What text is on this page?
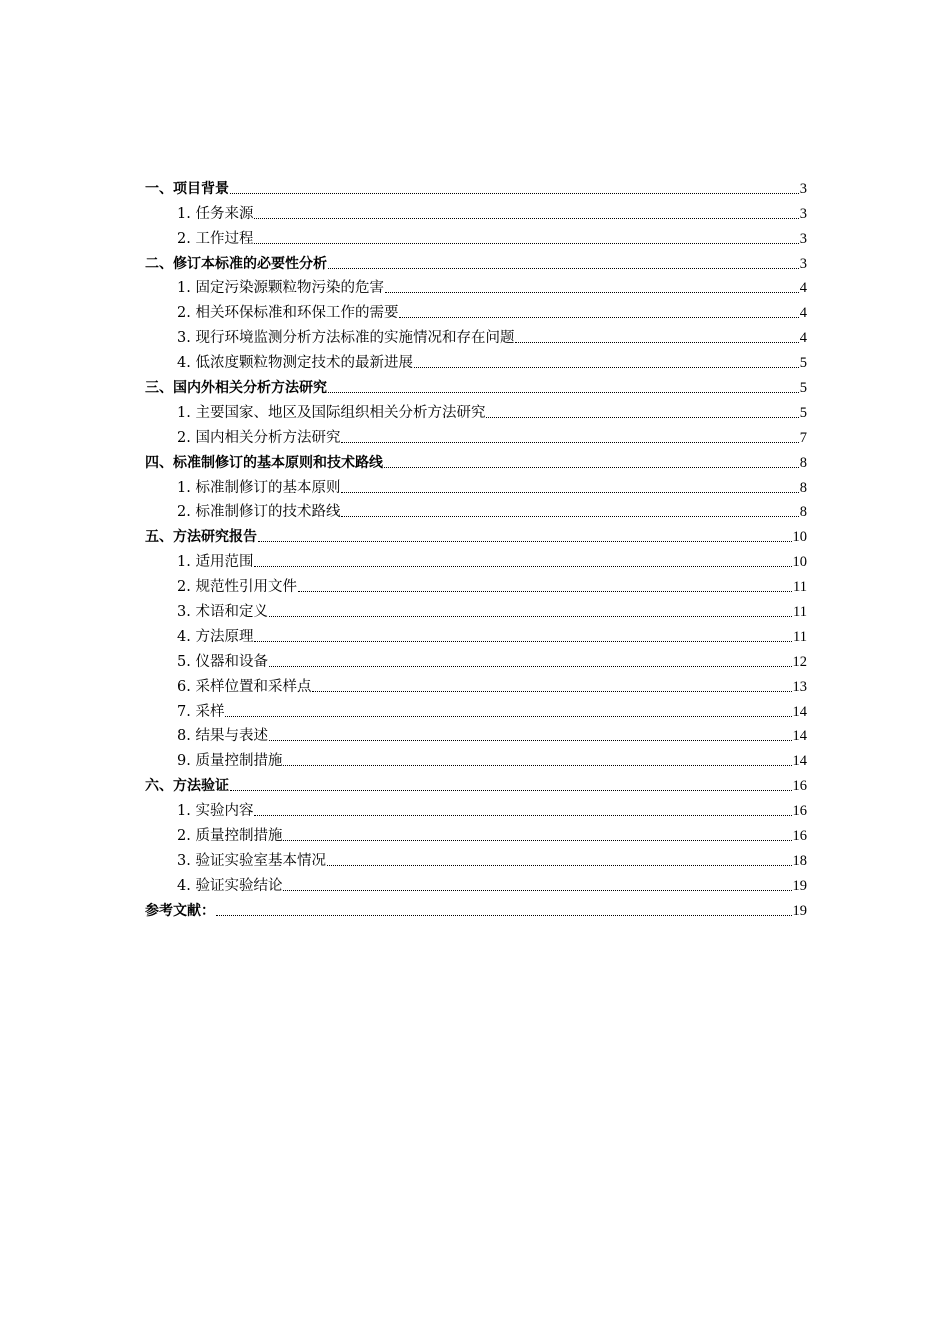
一、项目背景	3
1. 任务来源	3
2. 工作过程	3
二、修订本标准的必要性分析	3
1. 固定污染源颗粒物污染的危害	4
2. 相关环保标准和环保工作的需要	4
3. 现行环境监测分析方法标准的实施情况和存在问题	4
4. 低浓度颗粒物测定技术的最新进展	5
三、国内外相关分析方法研究	5
1. 主要国家、地区及国际组织相关分析方法研究	5
2. 国内相关分析方法研究	7
四、标准制修订的基本原则和技术路线	8
1. 标准制修订的基本原则	8
2. 标准制修订的技术路线	8
五、方法研究报告	10
1. 适用范围	10
2. 规范性引用文件	11
3. 术语和定义	11
4. 方法原理	11
5. 仪器和设备	12
6. 采样位置和采样点	13
7. 采样	14
8. 结果与表述	14
9. 质量控制措施	14
六、方法验证	16
1. 实验内容	16
2. 质量控制措施	16
3. 验证实验室基本情况	18
4. 验证实验结论	19
参考文献：	19
